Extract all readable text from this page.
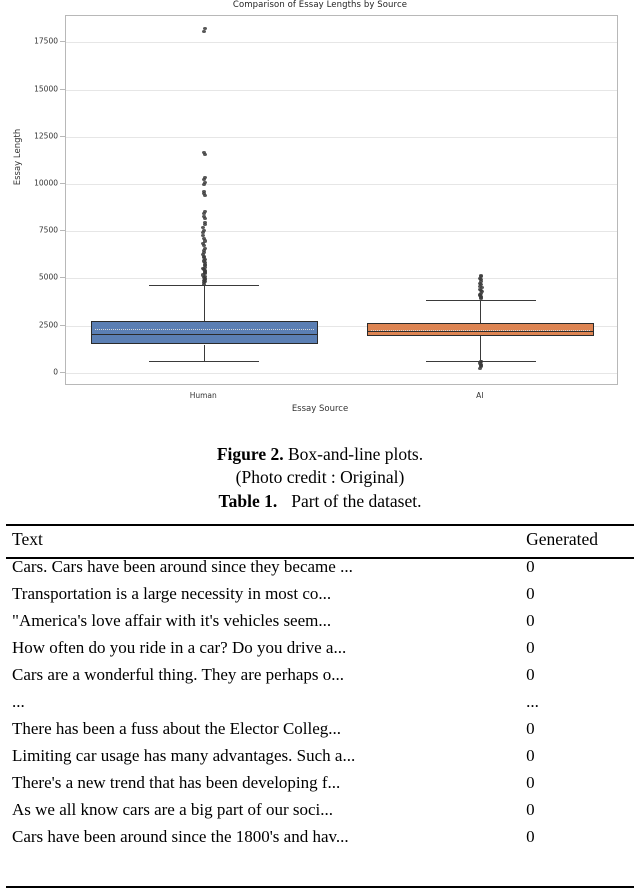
Comparison of Essay Lengths by Source
Essay Length
Essay Source
0
2500
5000
7500
10000
12500
15000
17500
Human	AI
Figure 2. Box-and-line plots.
(Photo credit : Original)
Table 1. Part of the dataset.
Text	Generated
Cars. Cars have been around since they became ...	0
Transportation is a large necessity in most co...	0
"America's love affair with it's vehicles seem...	0
How often do you ride in a car? Do you drive a...	0
Cars are a wonderful thing. They are perhaps o...	0
...	...
There has been a fuss about the Elector Colleg...	0
Limiting car usage has many advantages. Such a...	0
There's a new trend that has been developing f...	0
As we all know cars are a big part of our soci...	0
Cars have been around since the 1800's and hav...	0
